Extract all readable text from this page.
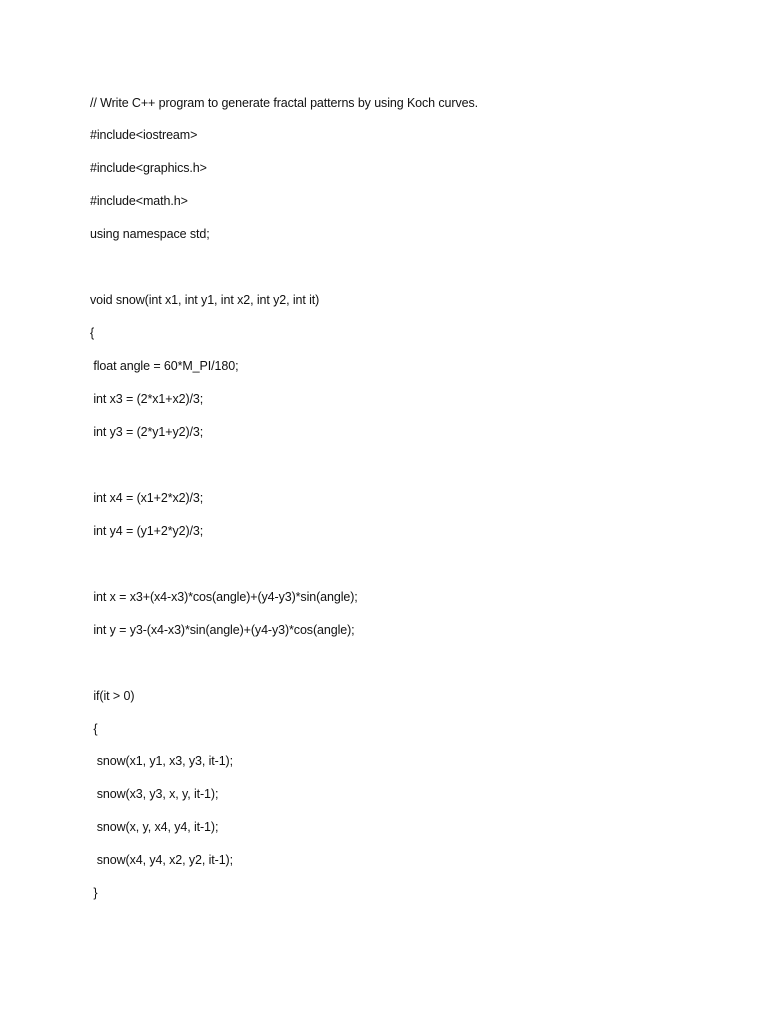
// Write C++ program to generate fractal patterns by using Koch curves.
#include<iostream>
#include<graphics.h>
#include<math.h>
using namespace std;
void snow(int x1, int y1, int x2, int y2, int it)
{
float angle = 60*M_PI/180;
int x3 = (2*x1+x2)/3;
int y3 = (2*y1+y2)/3;
int x4 = (x1+2*x2)/3;
int y4 = (y1+2*y2)/3;
int x = x3+(x4-x3)*cos(angle)+(y4-y3)*sin(angle);
int y = y3-(x4-x3)*sin(angle)+(y4-y3)*cos(angle);
if(it > 0)
{
snow(x1, y1, x3, y3, it-1);
snow(x3, y3, x, y, it-1);
snow(x, y, x4, y4, it-1);
snow(x4, y4, x2, y2, it-1);
}
